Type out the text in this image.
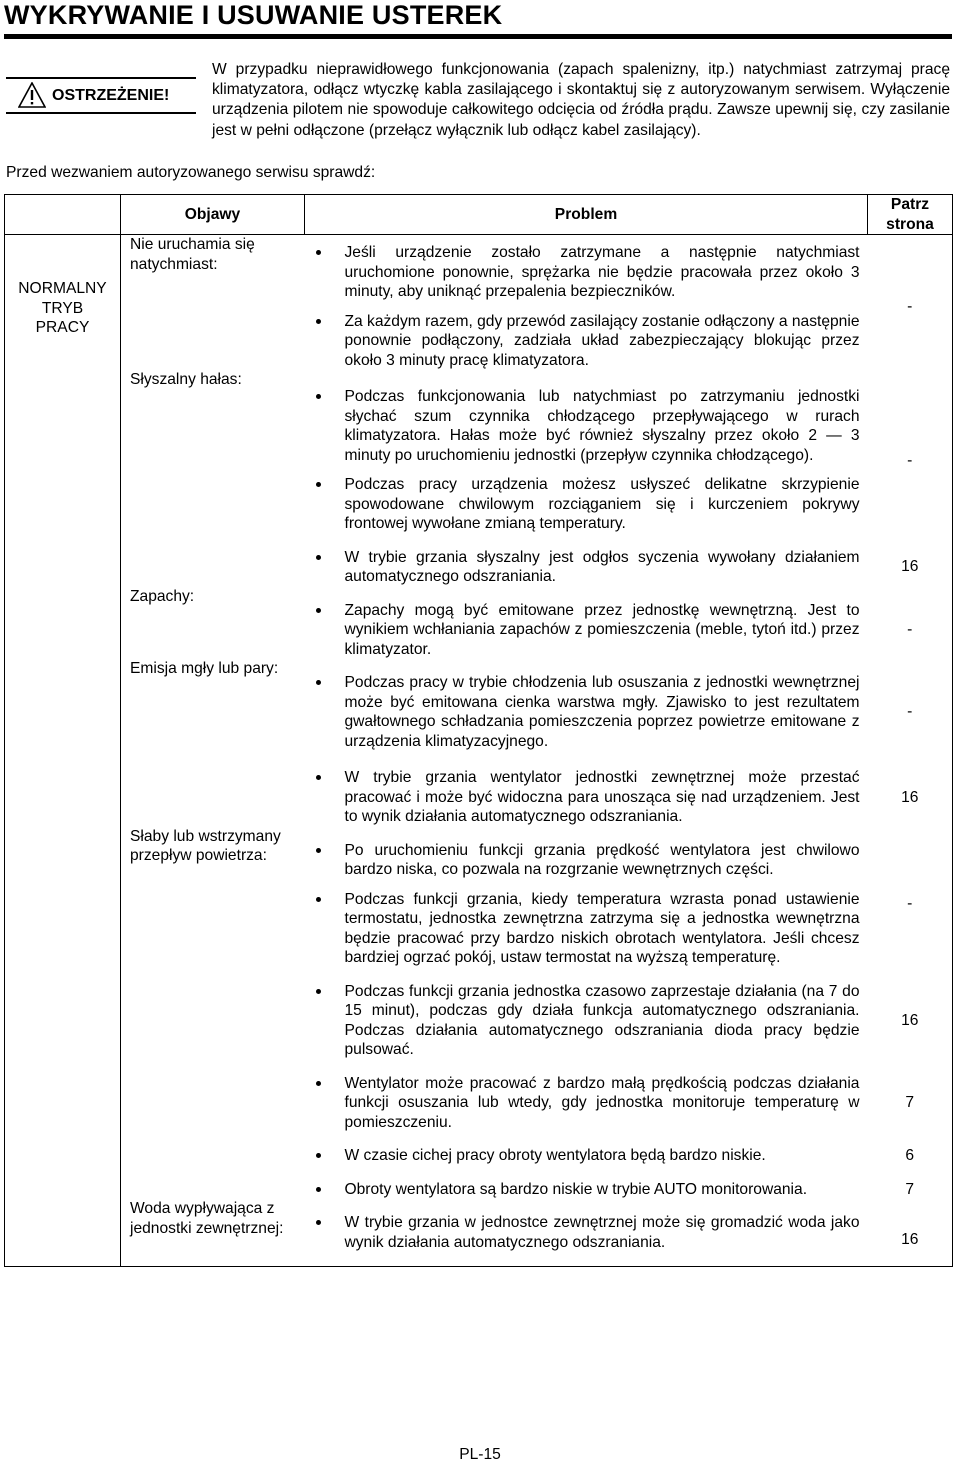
WYKRYWANIE I USUWANIE USTEREK
OSTRZEŻENIE!
W przypadku nieprawidłowego funkcjonowania (zapach spalenizny, itp.) natychmiast zatrzymaj pracę klimatyzatora, odłącz wtyczkę kabla zasilającego i skontaktuj się z autoryzowanym serwisem. Wyłączenie urządzenia pilotem nie spowoduje całkowitego odcięcia od źródła prądu. Zawsze upewnij się, czy zasilanie jest w pełni odłączone (przełącz wyłącznik lub odłącz kabel zasilający).
Przed wezwaniem autoryzowanego serwisu sprawdź:
	Objawy	Problem	Patrz strona

NORMALNY TRYB PRACY	Nie uruchamia się natychmiast:	Jeśli urządzenie zostało zatrzymane a następnie natychmiast uruchomione ponownie, sprężarka nie będzie pracowała przez około 3 minuty, aby uniknąć przepalenia bezpieczników.
Za każdym razem, gdy przewód zasilający zostanie odłączony a następnie ponownie podłączony, zadziała układ zabezpieczający blokując przez około 3 minuty pracę klimatyzatora.	-

	Słyszalny hałas:	Podczas funkcjonowania lub natychmiast po zatrzymaniu jednostki słychać szum czynnika chłodzącego przepływającego w rurach klimatyzatora. Hałas może być również słyszalny przez około 2 — 3 minuty po uruchomieniu jednostki (przepływ czynnika chłodzącego).
Podczas pracy urządzenia możesz usłyszeć delikatne skrzypienie spowodowane chwilowym rozciąganiem się i kurczeniem pokrywy frontowej wywołane zmianą temperatury.	-

W trybie grzania słyszalny jest odgłos syczenia wywołany działaniem automatycznego odszraniania.	16

	Zapachy:	Zapachy mogą być emitowane przez jednostkę wewnętrzną. Jest to wynikiem wchłaniania zapachów z pomieszczenia (meble, tytoń itd.) przez klimatyzator.	-

	Emisja mgły lub pary:	Podczas pracy w trybie chłodzenia lub osuszania z jednostki wewnętrznej może być emitowana cienka warstwa mgły. Zjawisko to jest rezultatem gwałtownego schładzania pomieszczenia poprzez powietrze emitowane z urządzenia klimatyzacyjnego.	-

W trybie grzania wentylator jednostki zewnętrznej może przestać pracować i może być widoczna para unosząca się nad urządzeniem. Jest to wynik działania automatycznego odszraniania.	16

	Słaby lub wstrzymany przepływ powietrza:	Po uruchomieniu funkcji grzania prędkość wentylatora jest chwilowo bardzo niska, co pozwala na rozgrzanie wewnętrznych części.
Podczas funkcji grzania, kiedy temperatura wzrasta ponad ustawienie termostatu, jednostka zewnętrzna zatrzyma się a jednostka wewnętrzna będzie pracować przy bardzo niskich obrotach wentylatora. Jeśli chcesz bardziej ogrzać pokój, ustaw termostat na wyższą temperaturę.	-

Podczas funkcji grzania jednostka czasowo zaprzestaje działania (na 7 do 15 minut), podczas gdy działa funkcja automatycznego odszraniania. Podczas działania automatycznego odszraniania dioda pracy będzie pulsować.	16

Wentylator może pracować z bardzo małą prędkością podczas działania funkcji osuszania lub wtedy, gdy jednostka monitoruje temperaturę w pomieszczeniu.	7

W czasie cichej pracy obroty wentylatora będą bardzo niskie.	6

Obroty wentylatora są bardzo niskie w trybie AUTO monitorowania.	7

	Woda wypływająca z jednostki zewnętrznej:	W trybie grzania w jednostce zewnętrznej może się gromadzić woda jako wynik działania automatycznego odszraniania.	16
PL-15
